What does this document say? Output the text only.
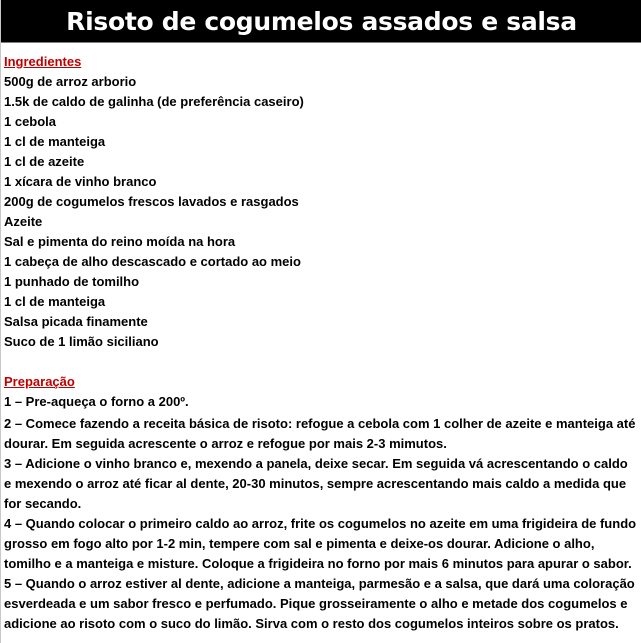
Risoto de cogumelos assados e salsa
Ingredientes
500g de arroz arborio
1.5k de caldo de galinha (de preferência caseiro)
1 cebola
1 cl de manteiga
1 cl de azeite
1 xícara de vinho branco
200g de cogumelos frescos lavados e rasgados
Azeite
Sal e pimenta do reino moída na hora
1 cabeça de alho descascado e cortado ao meio
1 punhado de tomilho
1 cl de manteiga
Salsa picada finamente
Suco de 1 limão siciliano
Preparação
1 – Pre-aqueça o forno a 200º.
2 – Comece fazendo a receita básica de risoto: refogue a cebola com 1 colher de azeite e manteiga até dourar. Em seguida acrescente o arroz e refogue por mais 2-3 mimutos.
3 – Adicione o vinho branco e, mexendo a panela, deixe secar. Em seguida vá acrescentando o caldo e mexendo o arroz até ficar al dente, 20-30 minutos, sempre acrescentando mais caldo a medida que for secando.
4 – Quando colocar o primeiro caldo ao arroz, frite os cogumelos no azeite em uma frigideira de fundo grosso em fogo alto por 1-2 min, tempere com sal e pimenta e deixe-os dourar. Adicione o alho, tomilho e a manteiga e misture. Coloque a frigideira no forno por mais 6 minutos para apurar o sabor.
5 – Quando o arroz estiver al dente, adicione a manteiga, parmesão e a salsa, que dará uma coloração esverdeada e um sabor fresco e perfumado. Pique grosseiramente o alho e metade dos cogumelos e adicione ao risoto com o suco do limão. Sirva com o resto dos cogumelos inteiros sobre os pratos.
